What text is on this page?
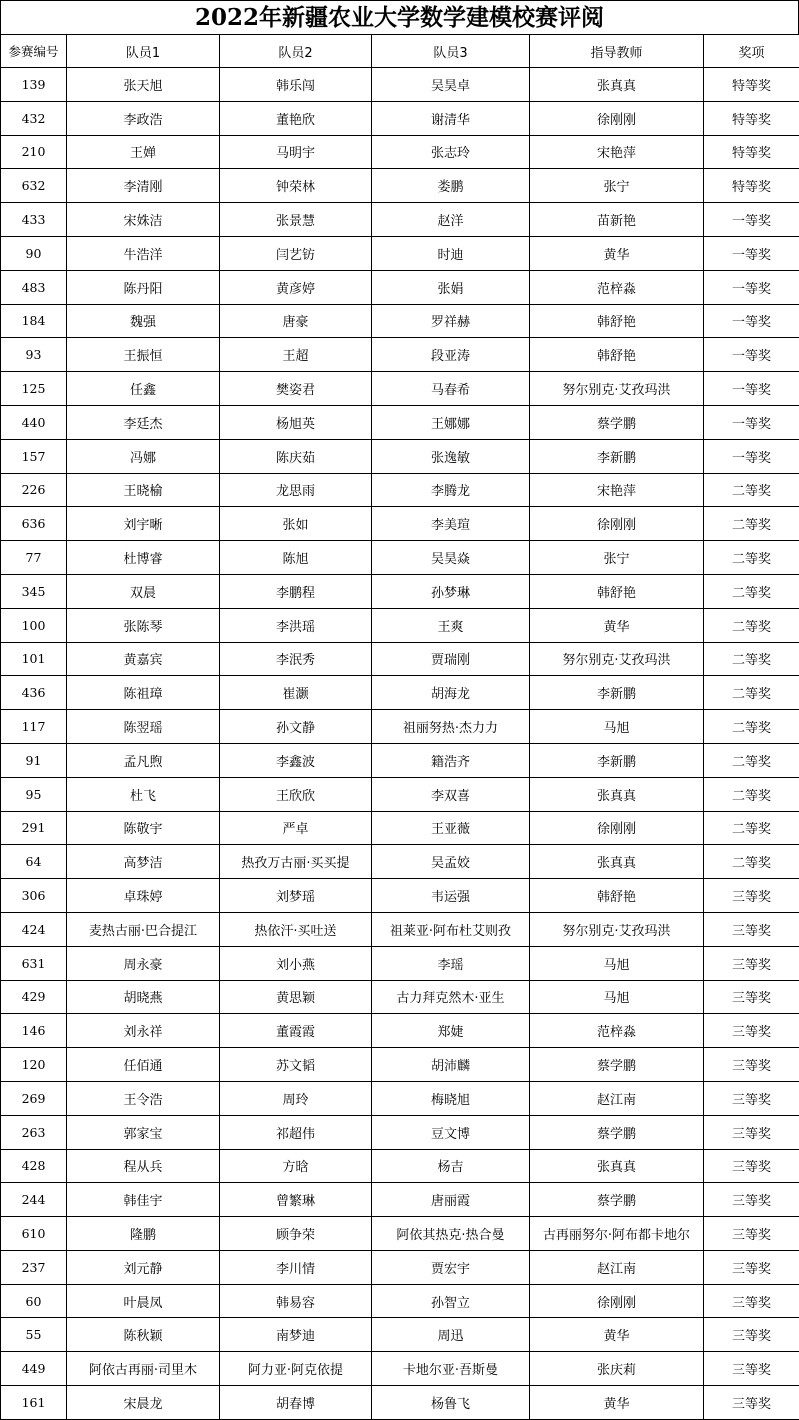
2022年新疆农业大学数学建模校赛评阅
参赛编号	队员1	队员2	队员3	指导教师	奖项
139	张天旭	韩乐闯	吴昊卓	张真真	特等奖
432	李政浩	董艳欣	谢清华	徐刚刚	特等奖
210	王婵	马明宇	张志玲	宋艳萍	特等奖
632	李清刚	钟荣林	娄鹏	张宁	特等奖
433	宋姝洁	张景慧	赵洋	苗新艳	一等奖
90	牛浩洋	闫艺钫	时迪	黄华	一等奖
483	陈丹阳	黄彦婷	张娟	范梓淼	一等奖
184	魏强	唐豪	罗祥赫	韩舒艳	一等奖
93	王振恒	王超	段亚涛	韩舒艳	一等奖
125	任鑫	樊姿君	马春希	努尔别克·艾孜玛洪	一等奖
440	李廷杰	杨旭英	王娜娜	蔡学鹏	一等奖
157	冯娜	陈庆茹	张逸敏	李新鹏	一等奖
226	王晓榆	龙思雨	李腾龙	宋艳萍	二等奖
636	刘宇晰	张如	李美瑄	徐刚刚	二等奖
77	杜博睿	陈旭	吴昊焱	张宁	二等奖
345	双晨	李鹏程	孙梦琳	韩舒艳	二等奖
100	张陈琴	李洪瑶	王爽	黄华	二等奖
101	黄嘉宾	李泯秀	贾瑞刚	努尔别克·艾孜玛洪	二等奖
436	陈祖璋	崔灏	胡海龙	李新鹏	二等奖
117	陈翌瑶	孙文静	祖丽努热·杰力力	马旭	二等奖
91	孟凡煦	李鑫波	籍浩齐	李新鹏	二等奖
95	杜飞	王欣欣	李双喜	张真真	二等奖
291	陈敬宇	严卓	王亚薇	徐刚刚	二等奖
64	高梦洁	热孜万古丽·买买提	吴孟姣	张真真	二等奖
306	卓珠婷	刘梦瑶	韦运强	韩舒艳	三等奖
424	麦热古丽·巴合提江	热依汗·买吐送	祖莱亚·阿布杜艾则孜	努尔别克·艾孜玛洪	三等奖
631	周永豪	刘小燕	李瑶	马旭	三等奖
429	胡晓燕	黄思颖	古力拜克然木·亚生	马旭	三等奖
146	刘永祥	董霞霞	郑婕	范梓淼	三等奖
120	任佰通	苏文韬	胡沛麟	蔡学鹏	三等奖
269	王令浩	周玲	梅晓旭	赵江南	三等奖
263	郭家宝	祁超伟	豆文博	蔡学鹏	三等奖
428	程从兵	方晗	杨吉	张真真	三等奖
244	韩佳宇	曾繁琳	唐丽霞	蔡学鹏	三等奖
610	隆鹏	顾争荣	阿依其热克·热合曼	古再丽努尔·阿布都卡地尔	三等奖
237	刘元静	李川情	贾宏宇	赵江南	三等奖
60	叶晨凤	韩易容	孙智立	徐刚刚	三等奖
55	陈秋颖	南梦迪	周迅	黄华	三等奖
449	阿依古再丽·司里木	阿力亚·阿克依提	卡地尔亚·吾斯曼	张庆莉	三等奖
161	宋晨龙	胡春博	杨鲁飞	黄华	三等奖
